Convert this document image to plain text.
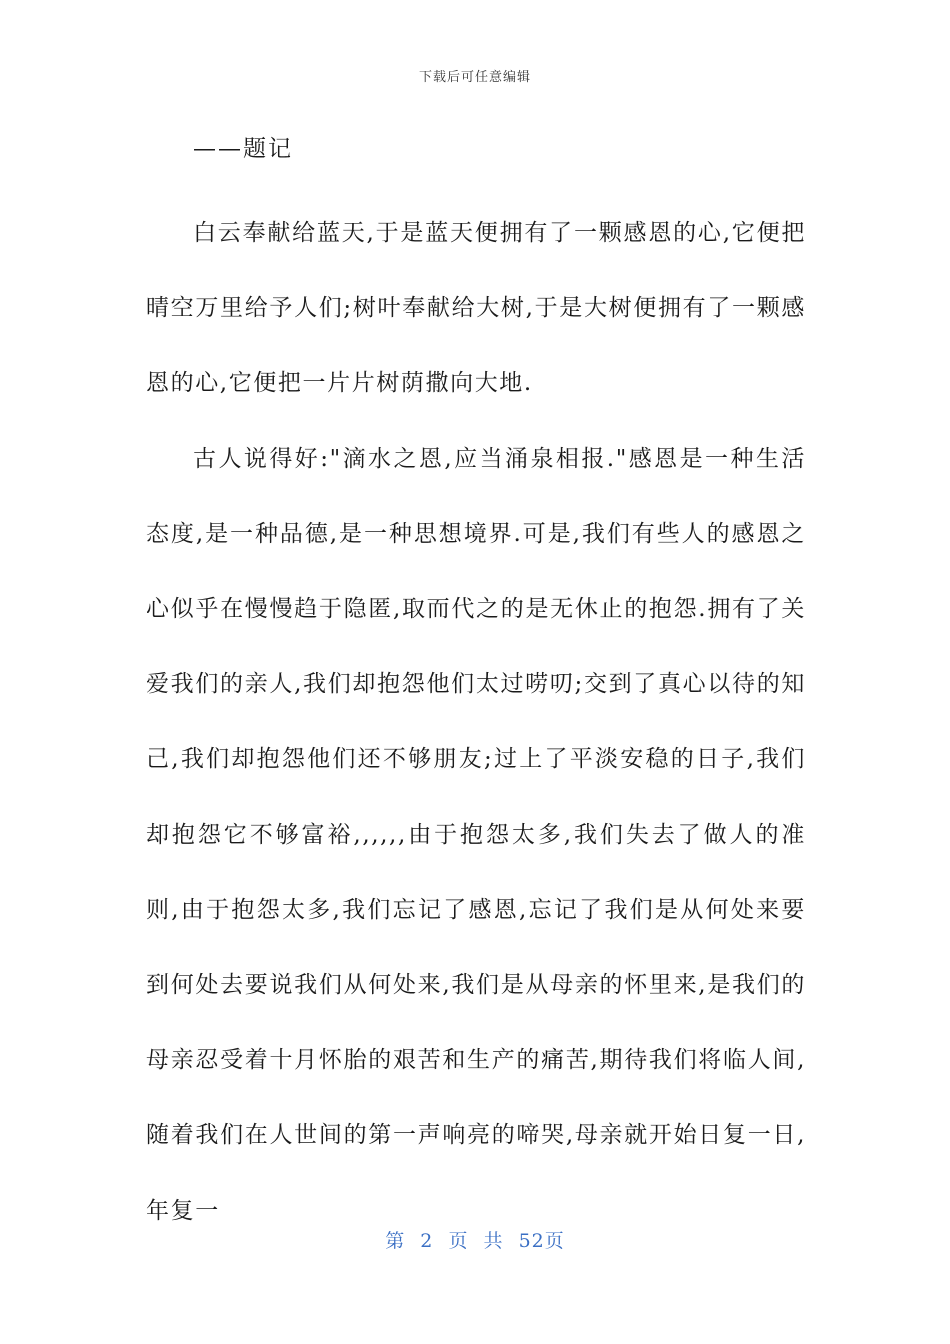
下载后可任意编辑
——题记

白云奉献给蓝天,于是蓝天便拥有了一颗感恩的心,它便把晴空万里给予人们;树叶奉献给大树,于是大树便拥有了一颗感恩的心,它便把一片片树荫撒向大地.

古人说得好:"滴水之恩,应当涌泉相报."感恩是一种生活态度,是一种品德,是一种思想境界.可是,我们有些人的感恩之心似乎在慢慢趋于隐匿,取而代之的是无休止的抱怨.拥有了关爱我们的亲人,我们却抱怨他们太过唠叨;交到了真心以待的知己,我们却抱怨他们还不够朋友;过上了平淡安稳的日子,我们却抱怨它不够富裕,,,,,,由于抱怨太多,我们失去了做人的准则,由于抱怨太多,我们忘记了感恩,忘记了我们是从何处来要到何处去要说我们从何处来,我们是从母亲的怀里来,是我们的母亲忍受着十月怀胎的艰苦和生产的痛苦,期待我们将临人间,随着我们在人世间的第一声响亮的啼哭,母亲就开始日复一日,年复一

第 2 页 共 52页
